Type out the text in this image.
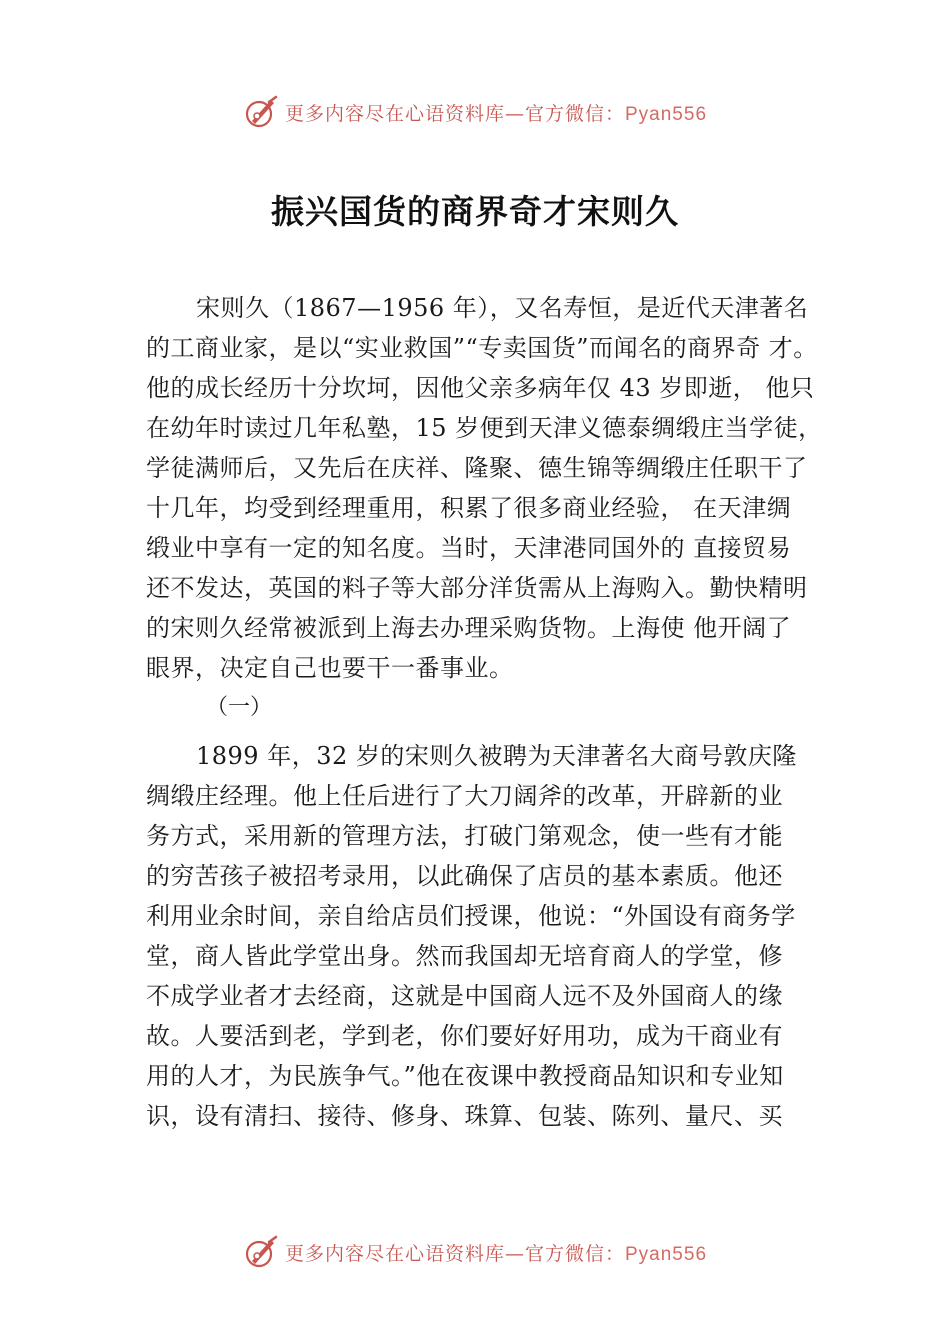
更多内容尽在心语资料库—官方微信：Pyan556
振兴国货的商界奇才宋则久
宋则久（1867—1956 年），又名寿恒，是近代天津著名
的工商业家，是以“实业救国”“专卖国货”而闻名的商界奇 才。
他的成长经历十分坎坷，因他父亲多病年仅 43 岁即逝， 他只
在幼年时读过几年私塾，15 岁便到天津义德泰绸缎庄当学徒，
学徒满师后，又先后在庆祥、隆聚、德生锦等绸缎庄任职干了
十几年，均受到经理重用，积累了很多商业经验， 在天津绸
缎业中享有一定的知名度。当时，天津港同国外的 直接贸易
还不发达，英国的料子等大部分洋货需从上海购入。勤快精明
的宋则久经常被派到上海去办理采购货物。上海使 他开阔了
眼界，决定自己也要干一番事业。
（一）
1899 年，32 岁的宋则久被聘为天津著名大商号敦庆隆
绸缎庄经理。他上任后进行了大刀阔斧的改革，开辟新的业
务方式，采用新的管理方法，打破门第观念，使一些有才能
的穷苦孩子被招考录用，以此确保了店员的基本素质。他还
利用业余时间，亲自给店员们授课，他说：“外国设有商务学
堂，商人皆此学堂出身。然而我国却无培育商人的学堂，修
不成学业者才去经商，这就是中国商人远不及外国商人的缘
故。人要活到老，学到老，你们要好好用功，成为干商业有
用的人才，为民族争气。”他在夜课中教授商品知识和专业知
识，设有清扫、接待、修身、珠算、包装、陈列、量尺、买
更多内容尽在心语资料库—官方微信：Pyan556
